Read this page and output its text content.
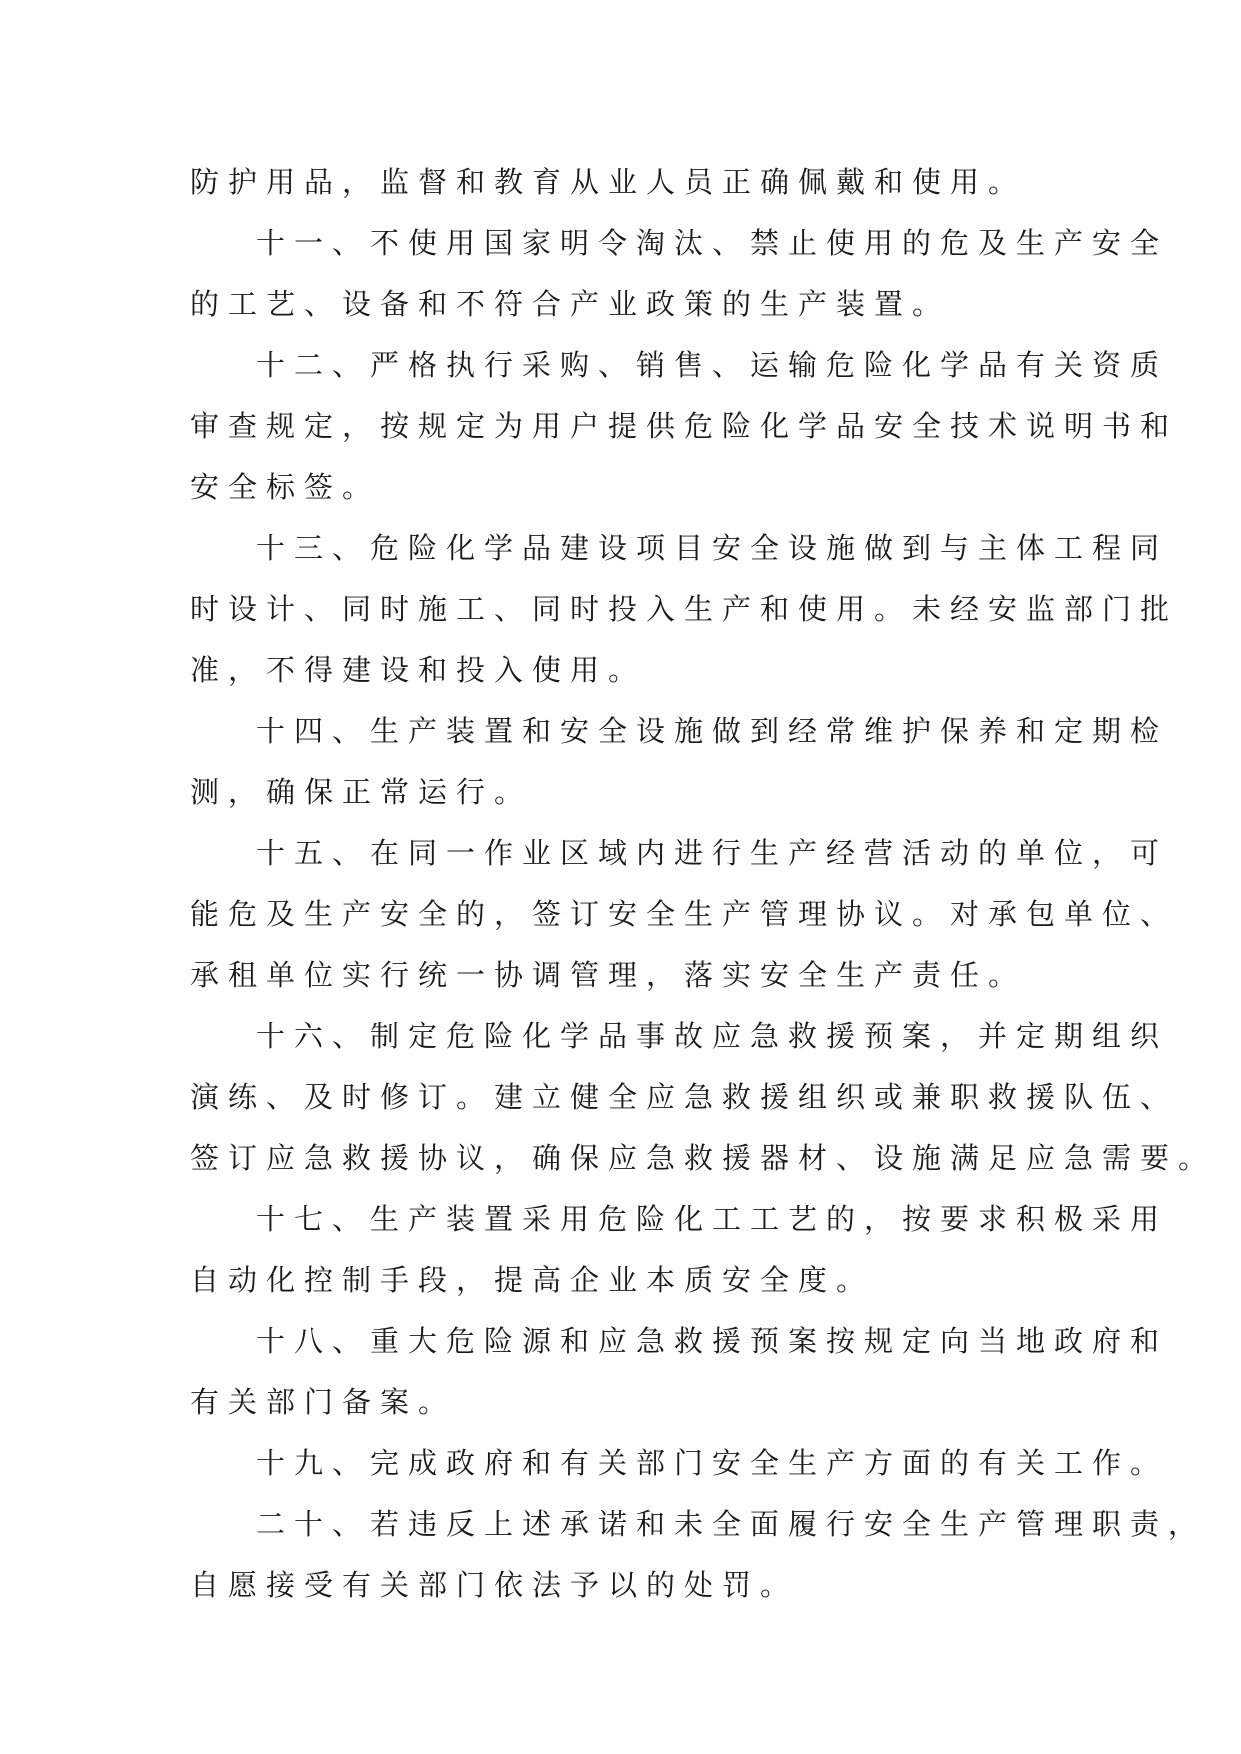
防护用品，监督和教育从业人员正确佩戴和使用。
十一、不使用国家明令淘汰、禁止使用的危及生产安全
的工艺、设备和不符合产业政策的生产装置。
十二、严格执行采购、销售、运输危险化学品有关资质
审查规定，按规定为用户提供危险化学品安全技术说明书和
安全标签。
十三、危险化学品建设项目安全设施做到与主体工程同
时设计、同时施工、同时投入生产和使用。未经安监部门批
准，不得建设和投入使用。
十四、生产装置和安全设施做到经常维护保养和定期检
测，确保正常运行。
十五、在同一作业区域内进行生产经营活动的单位，可
能危及生产安全的，签订安全生产管理协议。对承包单位、
承租单位实行统一协调管理，落实安全生产责任。
十六、制定危险化学品事故应急救援预案，并定期组织
演练、及时修订。建立健全应急救援组织或兼职救援队伍、
签订应急救援协议，确保应急救援器材、设施满足应急需要。
十七、生产装置采用危险化工工艺的，按要求积极采用
自动化控制手段，提高企业本质安全度。
十八、重大危险源和应急救援预案按规定向当地政府和
有关部门备案。
十九、完成政府和有关部门安全生产方面的有关工作。
二十、若违反上述承诺和未全面履行安全生产管理职责，
自愿接受有关部门依法予以的处罚。
